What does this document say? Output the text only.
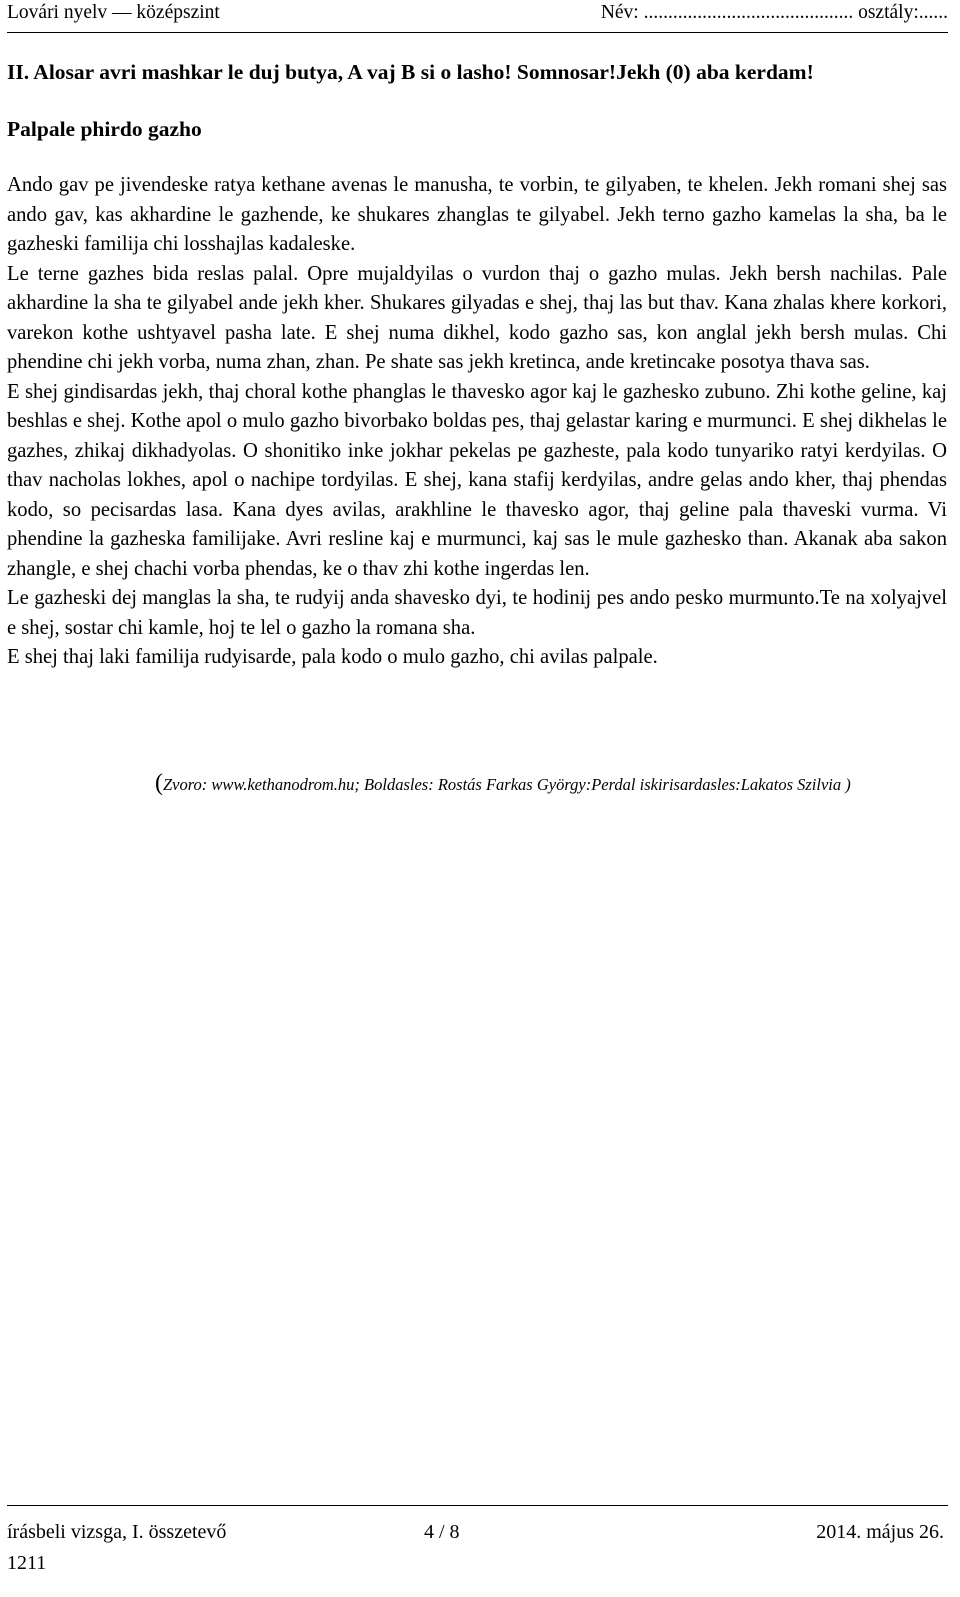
Lovári nyelv — középszint	Név: ........................................... osztály:......
II. Alosar avri mashkar le duj butya, A vaj B si o lasho! Somnosar!Jekh (0) aba kerdam!
Palpale phirdo gazho

Ando gav pe jivendeske ratya kethane avenas le manusha, te vorbin, te gilyaben, te khelen. Jekh romani shej sas ando gav, kas akhardine le gazhende, ke shukares zhanglas te gilyabel. Jekh terno gazho kamelas la sha, ba le gazheski familija chi losshajlas kadaleske.

Le terne gazhes bida reslas palal. Opre mujaldyilas o vurdon thaj o gazho mulas. Jekh bersh nachilas. Pale akhardine la sha te gilyabel ande jekh kher. Shukares gilyadas e shej, thaj las but thav. Kana zhalas khere korkori, varekon kothe ushtyavel pasha late. E shej numa dikhel, kodo gazho sas, kon anglal jekh bersh mulas. Chi phendine chi jekh vorba, numa zhan, zhan. Pe shate sas jekh kretinca, ande kretincake posotya thava sas.

E shej gindisardas jekh, thaj choral kothe phanglas le thavesko agor kaj le gazhesko zubuno. Zhi kothe geline, kaj beshlas e shej. Kothe apol o mulo gazho bivorbako boldas pes, thaj gelastar karing e murmunci. E shej dikhelas le gazhes, zhikaj dikhadyolas. O shonitiko inke jokhar pekelas pe gazheste, pala kodo tunyariko ratyi kerdyilas. O thav nacholas lokhes, apol o nachipe tordyilas. E shej, kana stafij kerdyilas, andre gelas ando kher, thaj phendas kodo, so pecisardas lasa. Kana dyes avilas, arakhline le thavesko agor, thaj geline pala thaveski vurma. Vi phendine la gazheska familijake. Avri resline kaj e murmunci, kaj sas le mule gazhesko than. Akanak aba sakon zhangle, e shej chachi vorba phendas, ke o thav zhi kothe ingerdas len.

Le gazheski dej manglas la sha, te rudyij anda shavesko dyi, te hodinij pes ando pesko murmunto.Te na xolyajvel e shej, sostar chi kamle, hoj te lel o gazho la romana sha.

E shej thaj laki familija rudyisarde, pala kodo o mulo gazho, chi avilas palpale.

(Zvoro: www.kethanodrom.hu; Boldasles: Rostás Farkas György:Perdal iskirisardasles:Lakatos Szilvia )
írásbeli vizsga, I. összetevő	4 / 8	2014. május 26.
1211
